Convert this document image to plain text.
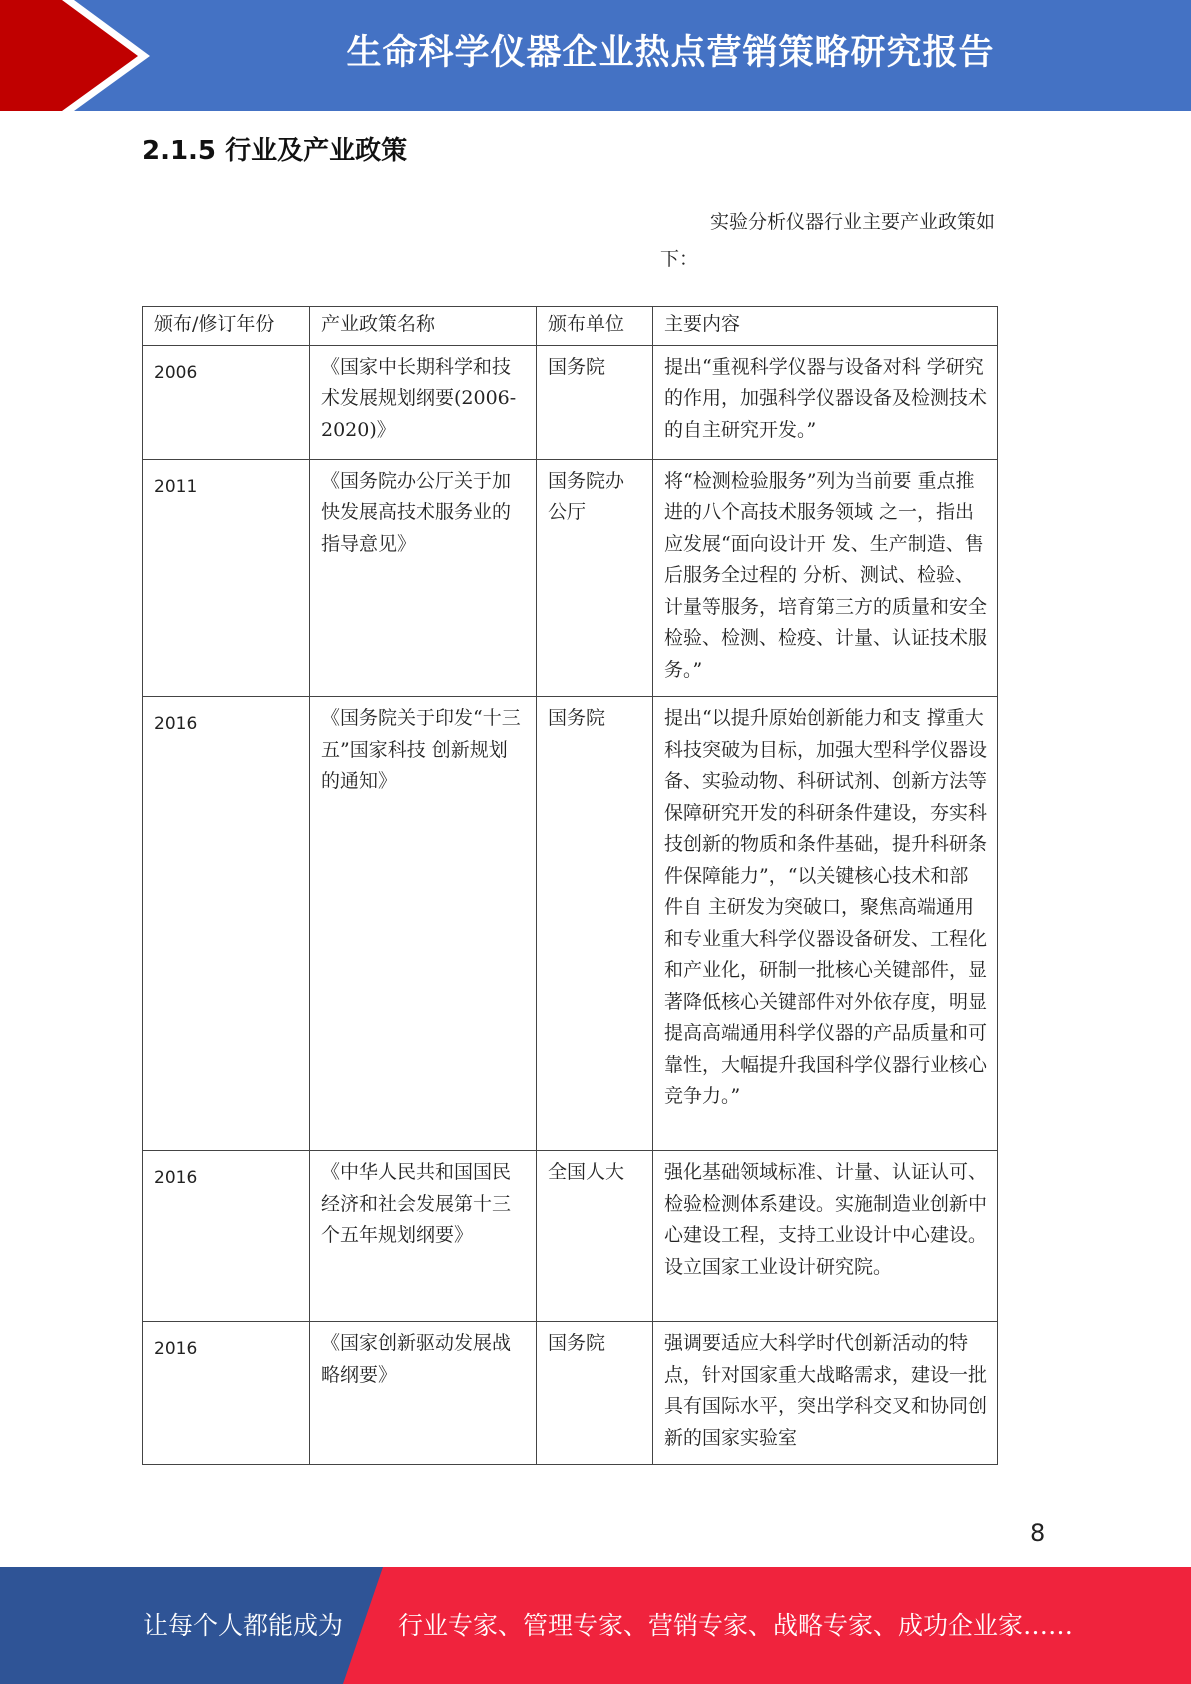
生命科学仪器企业热点营销策略研究报告
2.1.5 行业及产业政策
实验分析仪器行业主要产业政策如下：
颁布/修订年份	产业政策名称	颁布单位	主要内容
2006	《国家中长期科学和技术发展规划纲要(2006-2020)》	国务院	提出“重视科学仪器与设备对科 学研究的作用，加强科学仪器设备及检测技术的自主研究开发。”
2011	《国务院办公厅关于加快发展高技术服务业的指导意见》	国务院办公厅	将“检测检验服务”列为当前要 重点推进的八个高技术服务领域 之一，指出应发展“面向设计开 发、生产制造、售后服务全过程的 分析、测试、检验、计量等服务，培育第三方的质量和安全检验、检测、检疫、计量、认证技术服务。”
2016	《国务院关于印发“十三五”国家科技 创新规划的通知》	国务院	提出“以提升原始创新能力和支 撑重大科技突破为目标，加强大型科学仪器设备、实验动物、科研试剂、创新方法等保障研究开发的科研条件建设，夯实科技创新的物质和条件基础，提升科研条件保障能力”，“以关键核心技术和部件自 主研发为突破口，聚焦高端通用和专业重大科学仪器设备研发、工程化和产业化，研制一批核心关键部件，显著降低核心关键部件对外依存度，明显提高高端通用科学仪器的产品质量和可靠性，大幅提升我国科学仪器行业核心竞争力。”
2016	《中华人民共和国国民经济和社会发展第十三个五年规划纲要》	全国人大	强化基础领域标准、计量、认证认可、检验检测体系建设。实施制造业创新中心建设工程，支持工业设计中心建设。设立国家工业设计研究院。
2016	《国家创新驱动发展战略纲要》	国务院	强调要适应大科学时代创新活动的特点，针对国家重大战略需求，建设一批具有国际水平，突出学科交叉和协同创新的国家实验室
8
让每个人都能成为 行业专家、管理专家、营销专家、战略专家、成功企业家……
